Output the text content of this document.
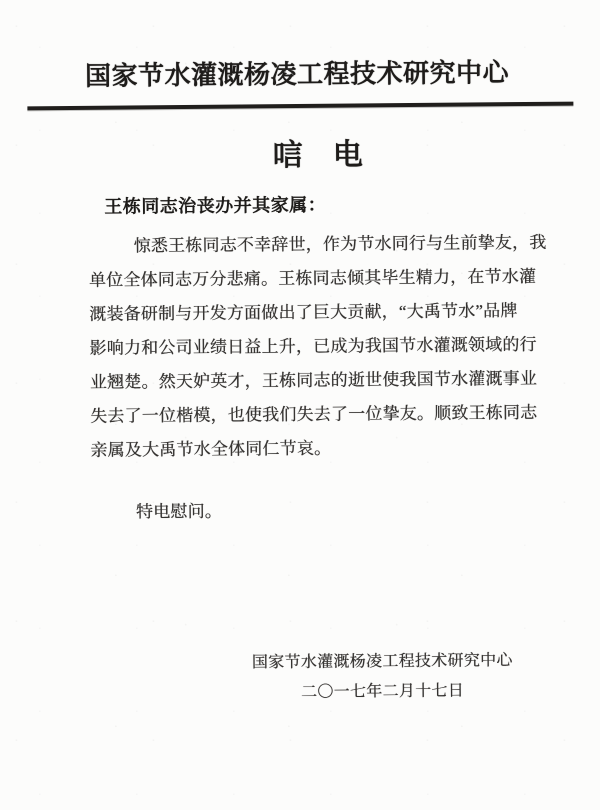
国家节水灌溉杨凌工程技术研究中心
唁　电
王栋同志治丧办并其家属：
惊悉王栋同志不幸辞世，作为节水同行与生前挚友，我
单位全体同志万分悲痛。王栋同志倾其毕生精力，在节水灌
溉装备研制与开发方面做出了巨大贡献，“大禹节水”品牌
影响力和公司业绩日益上升，已成为我国节水灌溉领域的行
业翘楚。然天妒英才，王栋同志的逝世使我国节水灌溉事业
失去了一位楷模，也使我们失去了一位挚友。顺致王栋同志
亲属及大禹节水全体同仁节哀。
特电慰问。
国家节水灌溉杨凌工程技术研究中心
二〇一七年二月十七日
